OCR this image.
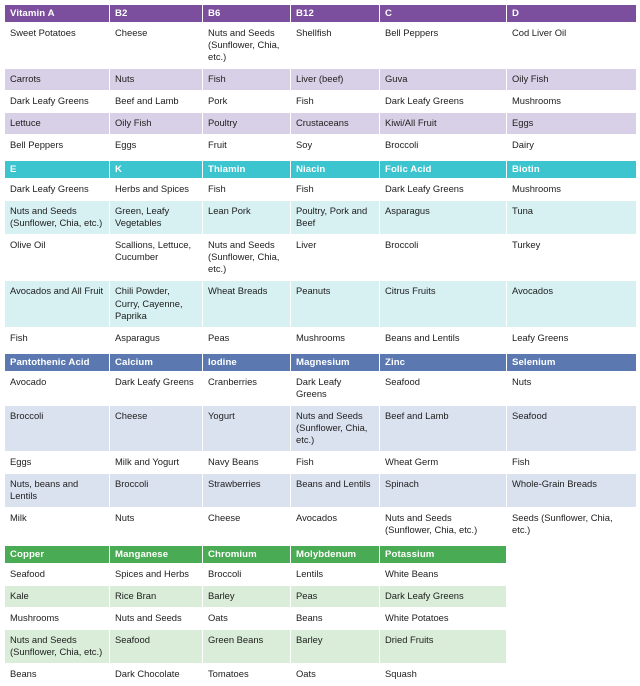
Vitamin A	B2	B6	B12	C	D
Sweet Potatoes	Cheese	Nuts and Seeds (Sunflower, Chia, etc.)	Shellfish	Bell Peppers	Cod Liver Oil
Carrots	Nuts	Fish	Liver (beef)	Guva	Oily Fish
Dark Leafy Greens	Beef and Lamb	Pork	Fish	Dark Leafy Greens	Mushrooms
Lettuce	Oily Fish	Poultry	Crustaceans	Kiwi/All Fruit	Eggs
Bell Peppers	Eggs	Fruit	Soy	Broccoli	Dairy

E	K	Thiamin	Niacin	Folic Acid	Biotin
Dark Leafy Greens	Herbs and Spices	Fish	Fish	Dark Leafy Greens	Mushrooms
Nuts and Seeds (Sunflower, Chia, etc.)	Green, Leafy Vegetables	Lean Pork	Poultry, Pork and Beef	Asparagus	Tuna
Olive Oil	Scallions, Lettuce, Cucumber	Nuts and Seeds (Sunflower, Chia, etc.)	Liver	Broccoli	Turkey
Avocados and All Fruit	Chili Powder, Curry, Cayenne, Paprika	Wheat Breads	Peanuts	Citrus Fruits	Avocados
Fish	Asparagus	Peas	Mushrooms	Beans and Lentils	Leafy Greens

Pantothenic Acid	Calcium	Iodine	Magnesium	Zinc	Selenium
Avocado	Dark Leafy Greens	Cranberries	Dark Leafy Greens	Seafood	Nuts
Broccoli	Cheese	Yogurt	Nuts and Seeds (Sunflower, Chia, etc.)	Beef and Lamb	Seafood
Eggs	Milk and Yogurt	Navy Beans	Fish	Wheat Germ	Fish
Nuts, beans and Lentils	Broccoli	Strawberries	Beans and Lentils	Spinach	Whole-Grain Breads
Milk	Nuts	Cheese	Avocados	Nuts and Seeds (Sunflower, Chia, etc.)	Seeds (Sunflower, Chia, etc.)

Copper	Manganese	Chromium	Molybdenum	Potassium	
Seafood	Spices and Herbs	Broccoli	Lentils	White Beans	
Kale	Rice Bran	Barley	Peas	Dark Leafy Greens	
Mushrooms	Nuts and Seeds	Oats	Beans	White Potatoes	
Nuts and Seeds (Sunflower, Chia, etc.)	Seafood	Green Beans	Barley	Dried Fruits	
Beans	Dark Chocolate	Tomatoes	Oats	Squash	
